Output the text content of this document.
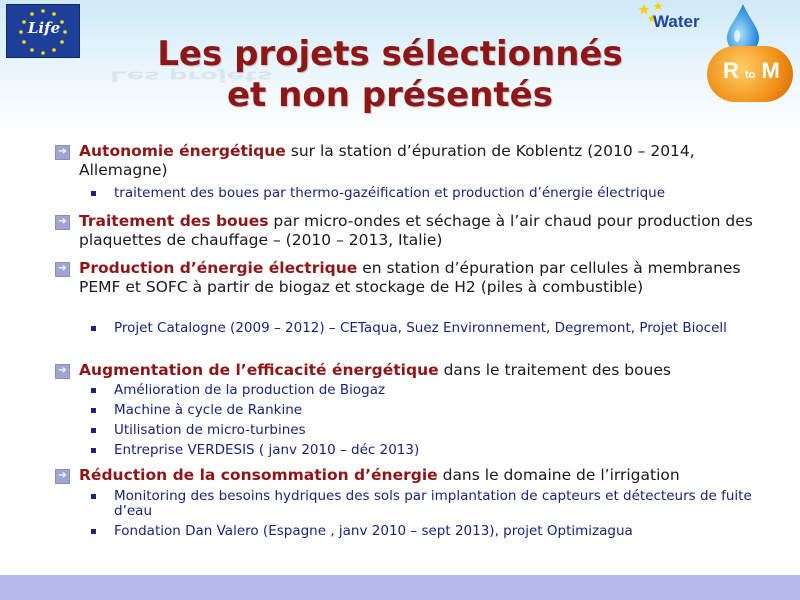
Life	Water
R to M
Les projets
Les projets sélectionnés
et non présentés
➔ Autonomie énergétique sur la station d’épuration de Koblentz (2010 – 2014, Allemagne)
traitement des boues par thermo-gazéification et production d’énergie électrique
➔ Traitement des boues par micro-ondes et séchage à l’air chaud pour production des plaquettes de chauffage – (2010 – 2013, Italie)
➔ Production d’énergie électrique en station d’épuration par cellules à membranes PEMF et SOFC à partir de biogaz et stockage de H2 (piles à combustible)
Projet Catalogne (2009 – 2012) – CETaqua, Suez Environnement, Degremont, Projet Biocell
➔ Augmentation de l’efficacité énergétique dans le traitement des boues
Amélioration de la production de Biogaz
Machine à cycle de Rankine
Utilisation de micro-turbines
Entreprise VERDESIS ( janv 2010 – déc 2013)
➔ Réduction de la consommation d’énergie dans le domaine de l’irrigation
Monitoring des besoins hydriques des sols par implantation de capteurs et détecteurs de fuite d’eau
Fondation Dan Valero (Espagne , janv 2010 – sept 2013), projet Optimizagua
